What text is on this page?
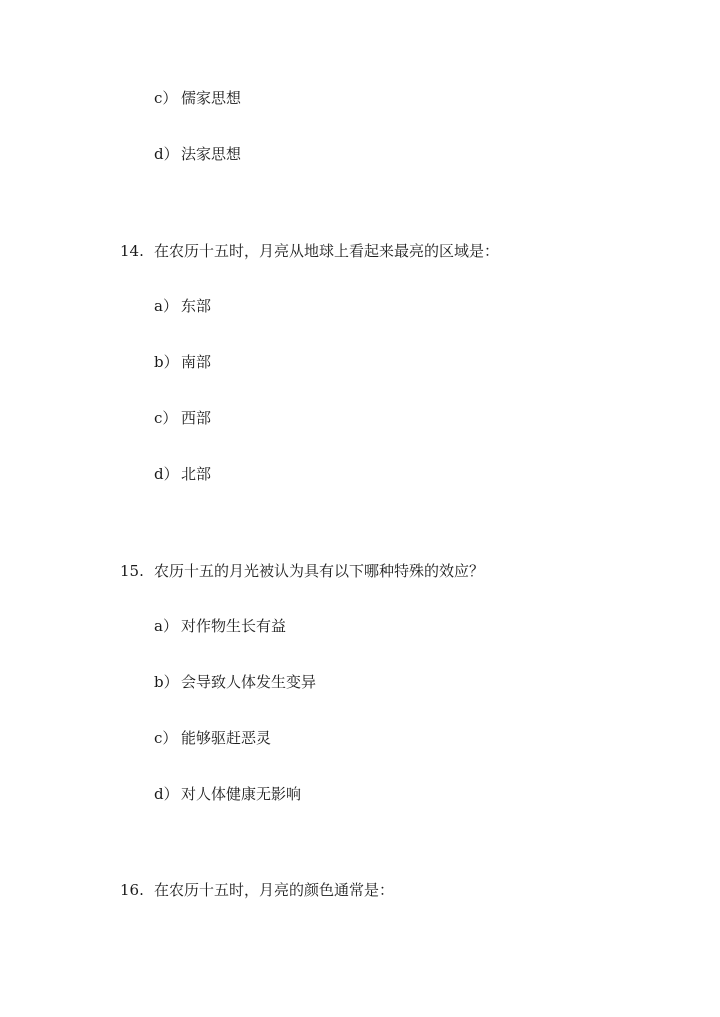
c） 儒家思想
d） 法家思想
14. 在农历十五时，月亮从地球上看起来最亮的区域是：
a） 东部
b） 南部
c） 西部
d） 北部
15. 农历十五的月光被认为具有以下哪种特殊的效应？
a） 对作物生长有益
b） 会导致人体发生变异
c） 能够驱赶恶灵
d） 对人体健康无影响
16. 在农历十五时，月亮的颜色通常是：
